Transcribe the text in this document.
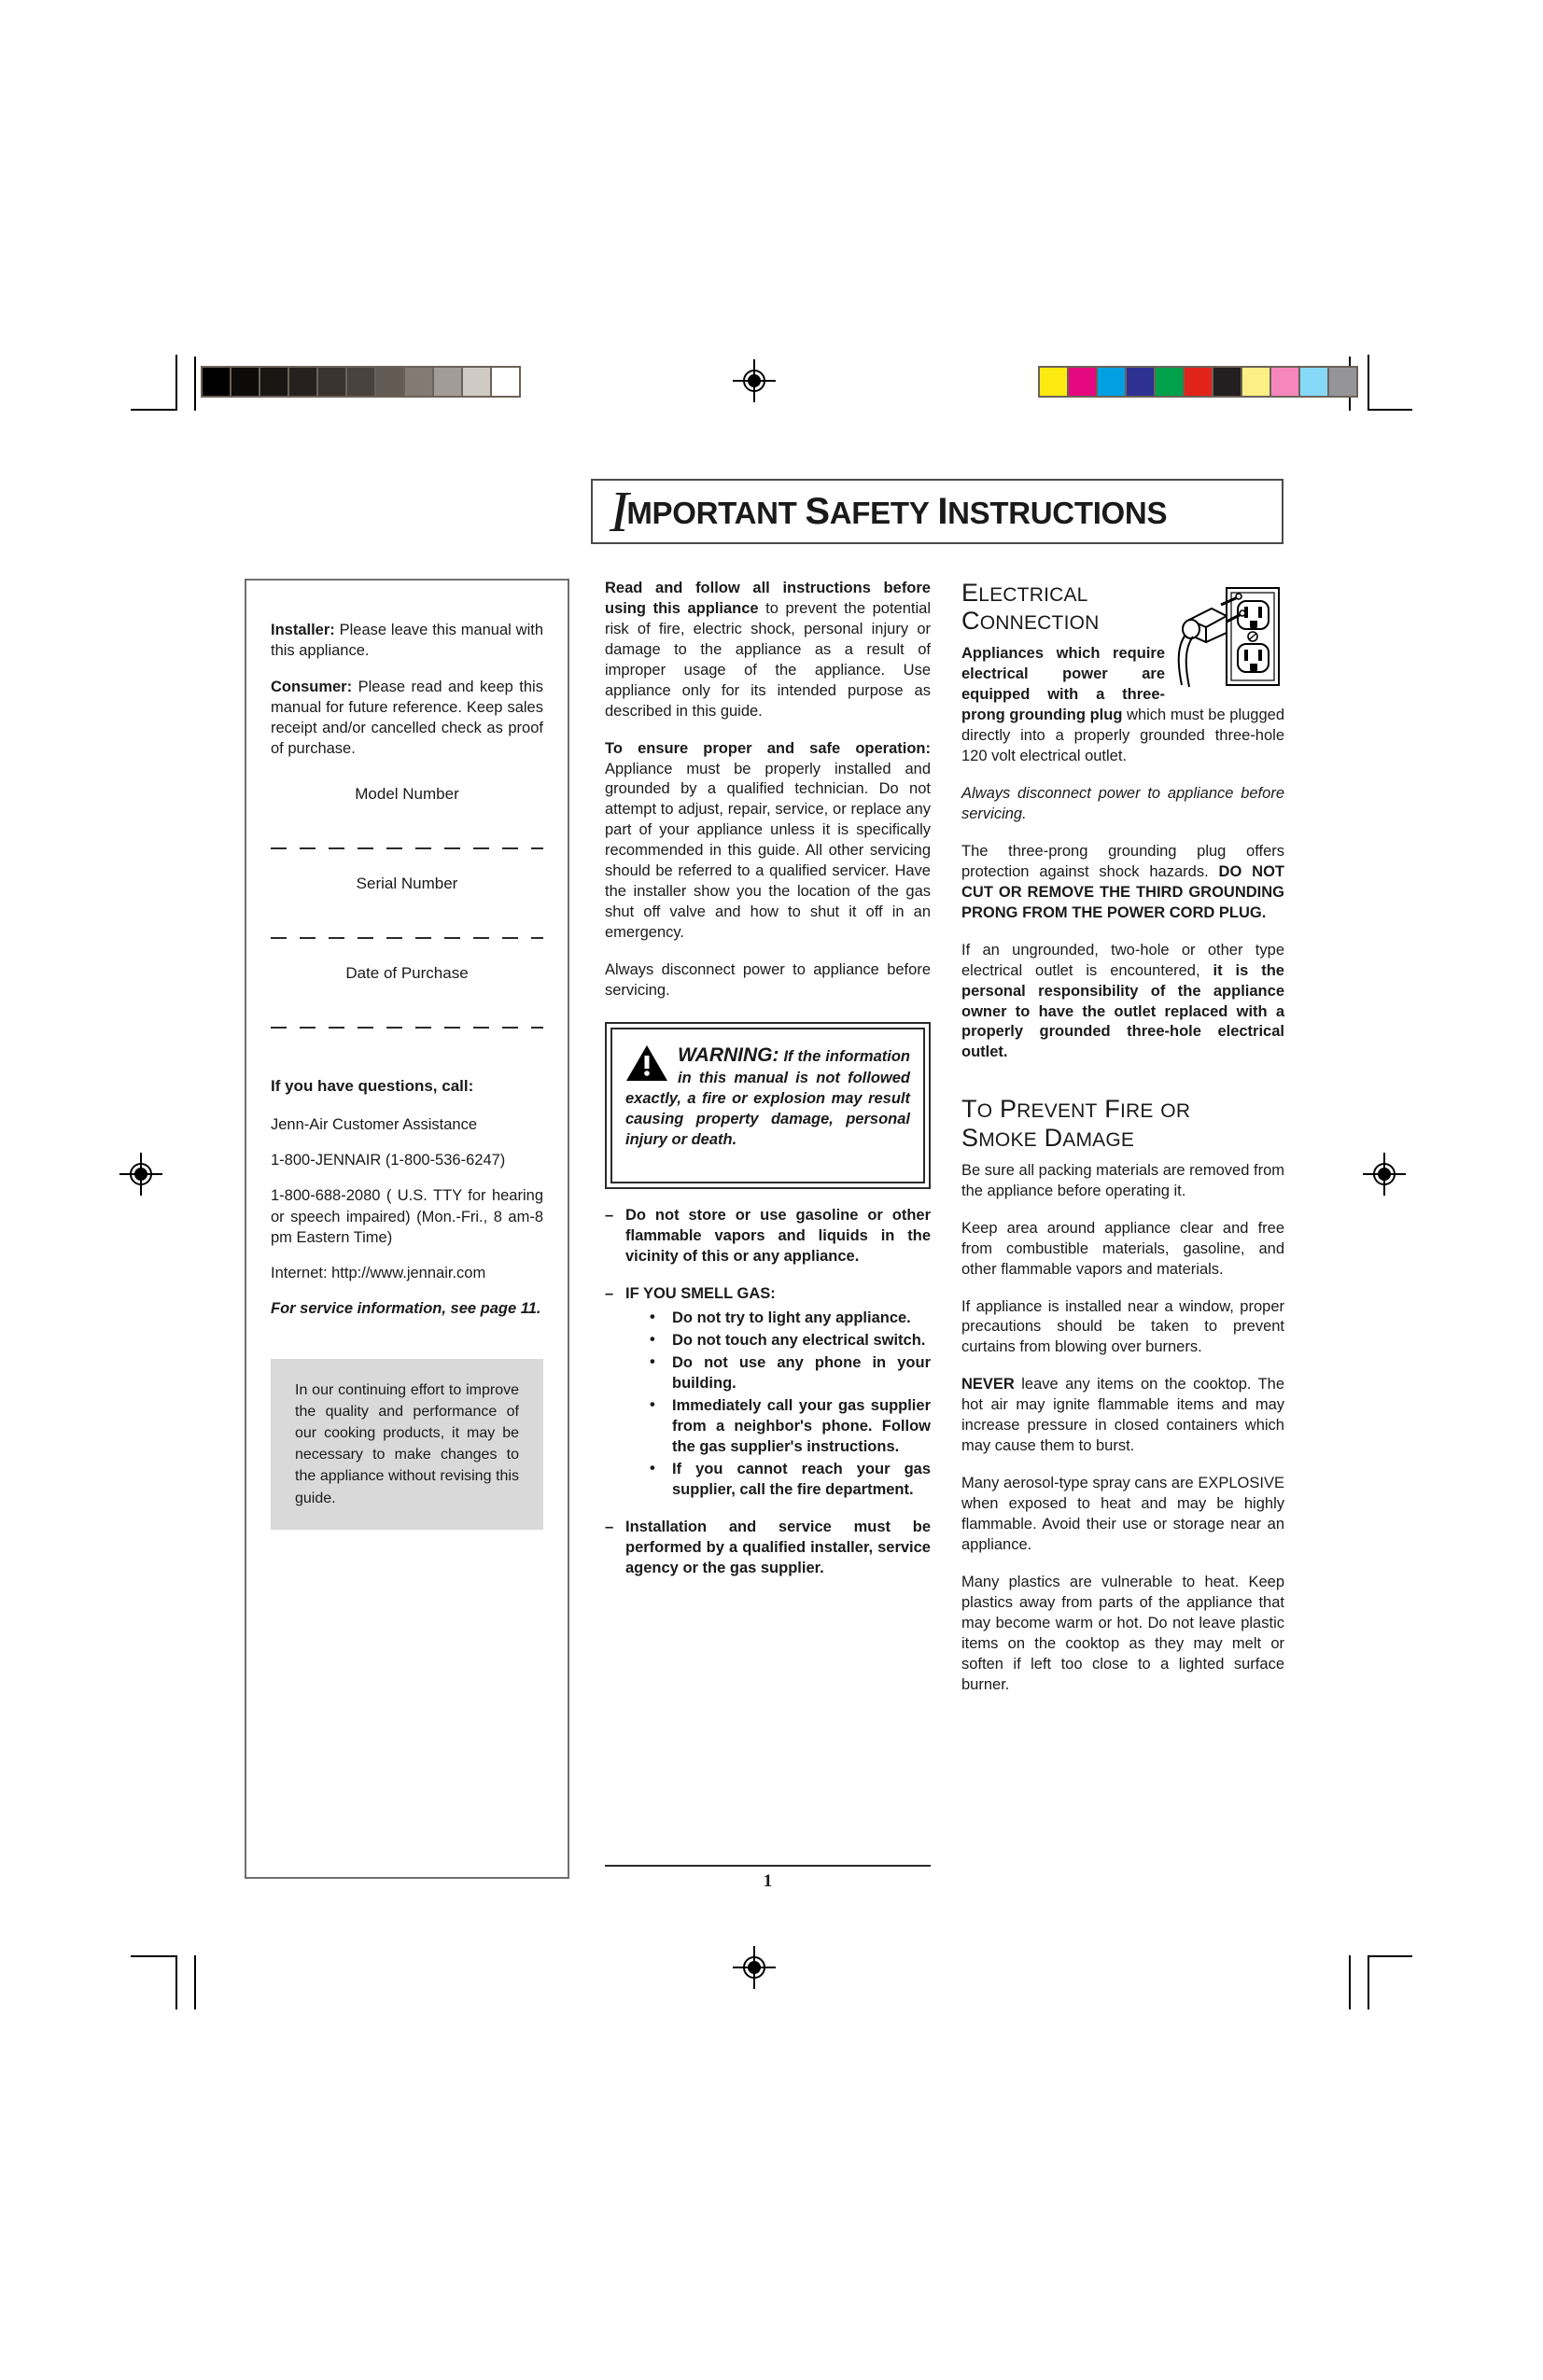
IMPORTANT SAFETY INSTRUCTIONS

Installer: Please leave this manual with this appliance.

Consumer: Please read and keep this manual for future reference. Keep sales receipt and/or cancelled check as proof of purchase.

Model Number
Serial Number
Date of Purchase
If you have questions, call:
Jenn-Air Customer Assistance
1-800-JENNAIR (1-800-536-6247)
1-800-688-2080 ( U.S. TTY for hearing or speech impaired) (Mon.-Fri., 8 am-8 pm Eastern Time)
Internet: http://www.jennair.com
For service information, see page 11.
In our continuing effort to improve the quality and performance of our cooking products, it may be necessary to make changes to the appliance without revising this guide.

Read and follow all instructions before using this appliance to prevent the potential risk of fire, electric shock, personal injury or damage to the appliance as a result of improper usage of the appliance. Use appliance only for its intended purpose as described in this guide.

To ensure proper and safe operation: Appliance must be properly installed and grounded by a qualified technician. Do not attempt to adjust, repair, service, or replace any part of your appliance unless it is specifically recommended in this guide. All other servicing should be referred to a qualified servicer. Have the installer show you the location of the gas shut off valve and how to shut it off in an emergency.

Always disconnect power to appliance before servicing.

WARNING: If the information in this manual is not followed exactly, a fire or explosion may result causing property damage, personal injury or death.

– Do not store or use gasoline or other flammable vapors and liquids in the vicinity of this or any appliance.
– IF YOU SMELL GAS:
• Do not try to light any appliance.
• Do not touch any electrical switch.
• Do not use any phone in your building.
• Immediately call your gas supplier from a neighbor's phone. Follow the gas supplier's instructions.
• If you cannot reach your gas supplier, call the fire department.
– Installation and service must be performed by a qualified installer, service agency or the gas supplier.
1
ELECTRICAL
CONNECTION

Appliances which require electrical power are equipped with a three-prong grounding plug which must be plugged directly into a properly grounded three-hole 120 volt electrical outlet.

Always disconnect power to appliance before servicing.

The three-prong grounding plug offers protection against shock hazards. DO NOT CUT OR REMOVE THE THIRD GROUNDING PRONG FROM THE POWER CORD PLUG.

If an ungrounded, two-hole or other type electrical outlet is encountered, it is the personal responsibility of the appliance owner to have the outlet replaced with a properly grounded three-hole electrical outlet.

TO PREVENT FIRE OR
SMOKE DAMAGE

Be sure all packing materials are removed from the appliance before operating it.

Keep area around appliance clear and free from combustible materials, gasoline, and other flammable vapors and materials.

If appliance is installed near a window, proper precautions should be taken to prevent curtains from blowing over burners.

NEVER leave any items on the cooktop. The hot air may ignite flammable items and may increase pressure in closed containers which may cause them to burst.

Many aerosol-type spray cans are EXPLOSIVE when exposed to heat and may be highly flammable. Avoid their use or storage near an appliance.

Many plastics are vulnerable to heat. Keep plastics away from parts of the appliance that may become warm or hot. Do not leave plastic items on the cooktop as they may melt or soften if left too close to a lighted surface burner.
